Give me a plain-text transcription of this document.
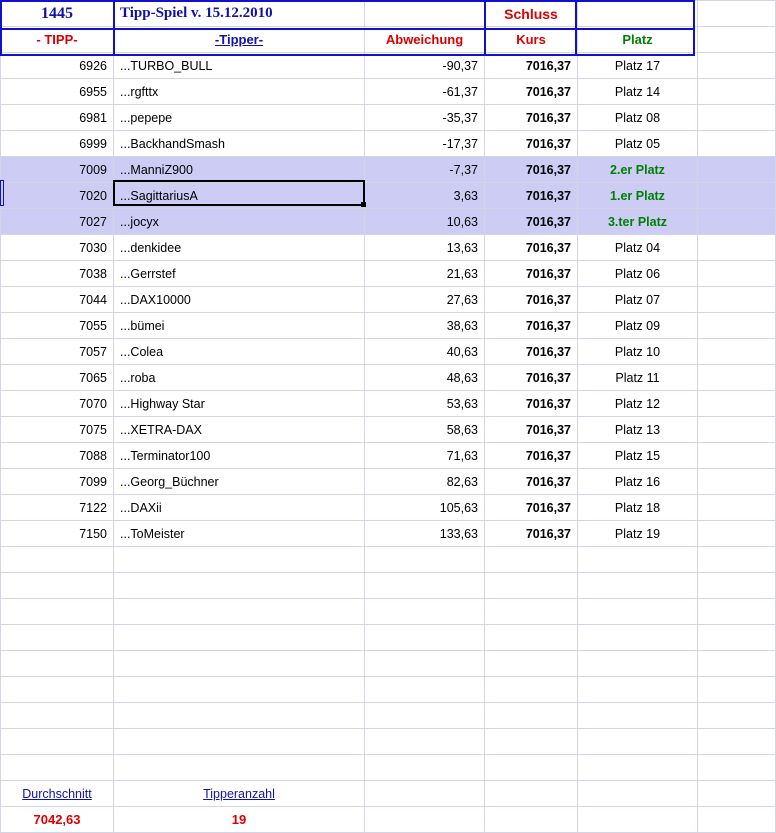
1445	Tipp-Spiel v. 15.12.2010		Schluss		
- TIPP-	-Tipper-	Abweichung	Kurs	Platz	
6926	...TURBO_BULL	-90,37	7016,37	Platz 17	
6955	...rgfttx	-61,37	7016,37	Platz 14	
6981	...pepepe	-35,37	7016,37	Platz 08	
6999	...BackhandSmash	-17,37	7016,37	Platz 05	
7009	...ManniZ900	-7,37	7016,37	2.er Platz	
7020	...SagittariusA	3,63	7016,37	1.er Platz	
7027	...jocyx	10,63	7016,37	3.ter Platz	
7030	...denkidee	13,63	7016,37	Platz 04	
7038	...Gerrstef	21,63	7016,37	Platz 06	
7044	...DAX10000	27,63	7016,37	Platz 07	
7055	...bümei	38,63	7016,37	Platz 09	
7057	...Colea	40,63	7016,37	Platz 10	
7065	...roba	48,63	7016,37	Platz 11	
7070	...Highway Star	53,63	7016,37	Platz 12	
7075	...XETRA-DAX	58,63	7016,37	Platz 13	
7088	...Terminator100	71,63	7016,37	Platz 15	
7099	...Georg_Büchner	82,63	7016,37	Platz 16	
7122	...DAXii	105,63	7016,37	Platz 18	
7150	...ToMeister	133,63	7016,37	Platz 19	

Durchschnitt	Tipperanzahl				
7042,63	19				
